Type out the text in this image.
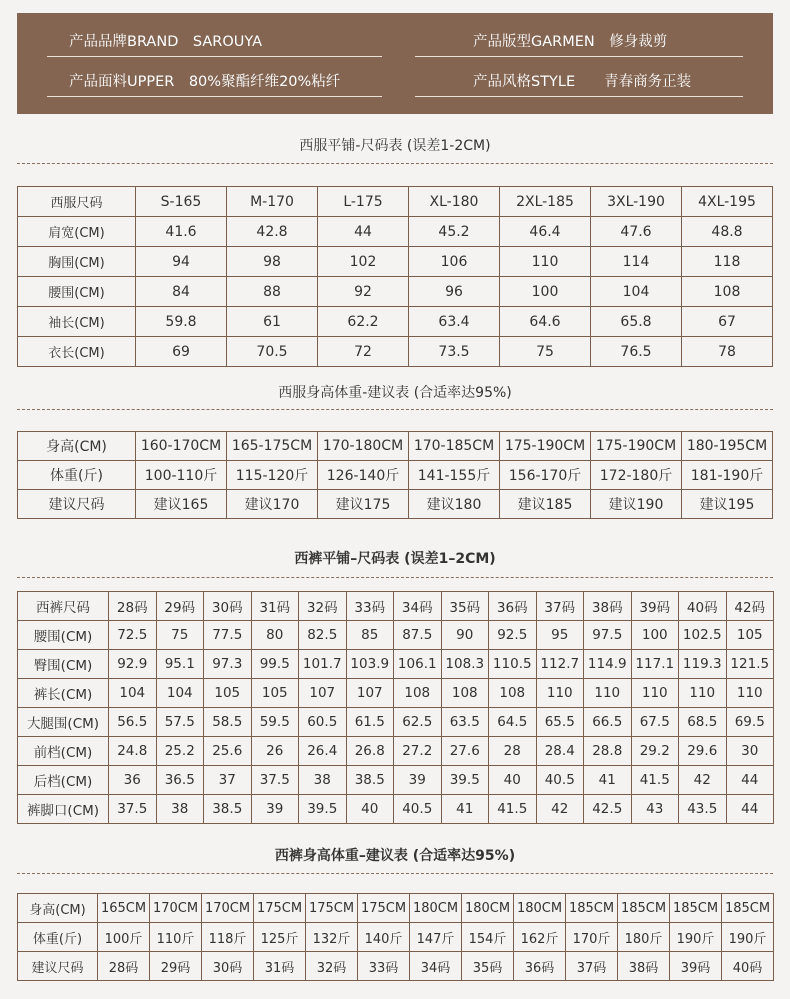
产品品牌BRAND　SAROUYA	产品版型GARMEN　修身裁剪
产品面料UPPER　80%聚酯纤维20%粘纤	产品风格STYLE　　青春商务正装
西服平铺-尺码表 (误差1-2CM)
西服尺码	S-165	M-170	L-175	XL-180	2XL-185	3XL-190	4XL-195
肩宽(CM)	41.6	42.8	44	45.2	46.4	47.6	48.8
胸围(CM)	94	98	102	106	110	114	118
腰围(CM)	84	88	92	96	100	104	108
袖长(CM)	59.8	61	62.2	63.4	64.6	65.8	67
衣长(CM)	69	70.5	72	73.5	75	76.5	78
西服身高体重-建议表 (合适率达95%)
身高(CM)	160-170CM	165-175CM	170-180CM	170-185CM	175-190CM	175-190CM	180-195CM
体重(斤)	100-110斤	115-120斤	126-140斤	141-155斤	156-170斤	172-180斤	181-190斤
建议尺码	建议165	建议170	建议175	建议180	建议185	建议190	建议195
西裤平铺–尺码表 (误差1–2CM)
西裤尺码	28码	29码	30码	31码	32码	33码	34码	35码	36码	37码	38码	39码	40码	42码
腰围(CM)	72.5	75	77.5	80	82.5	85	87.5	90	92.5	95	97.5	100	102.5	105
臀围(CM)	92.9	95.1	97.3	99.5	101.7	103.9	106.1	108.3	110.5	112.7	114.9	117.1	119.3	121.5
裤长(CM)	104	104	105	105	107	107	108	108	108	110	110	110	110	110
大腿围(CM)	56.5	57.5	58.5	59.5	60.5	61.5	62.5	63.5	64.5	65.5	66.5	67.5	68.5	69.5
前档(CM)	24.8	25.2	25.6	26	26.4	26.8	27.2	27.6	28	28.4	28.8	29.2	29.6	30
后档(CM)	36	36.5	37	37.5	38	38.5	39	39.5	40	40.5	41	41.5	42	44
裤脚口(CM)	37.5	38	38.5	39	39.5	40	40.5	41	41.5	42	42.5	43	43.5	44
西裤身高体重–建议表 (合适率达95%)
身高(CM)	165CM	170CM	170CM	175CM	175CM	175CM	180CM	180CM	180CM	185CM	185CM	185CM	185CM
体重(斤)	100斤	110斤	118斤	125斤	132斤	140斤	147斤	154斤	162斤	170斤	180斤	190斤	190斤
建议尺码	28码	29码	30码	31码	32码	33码	34码	35码	36码	37码	38码	39码	40码
